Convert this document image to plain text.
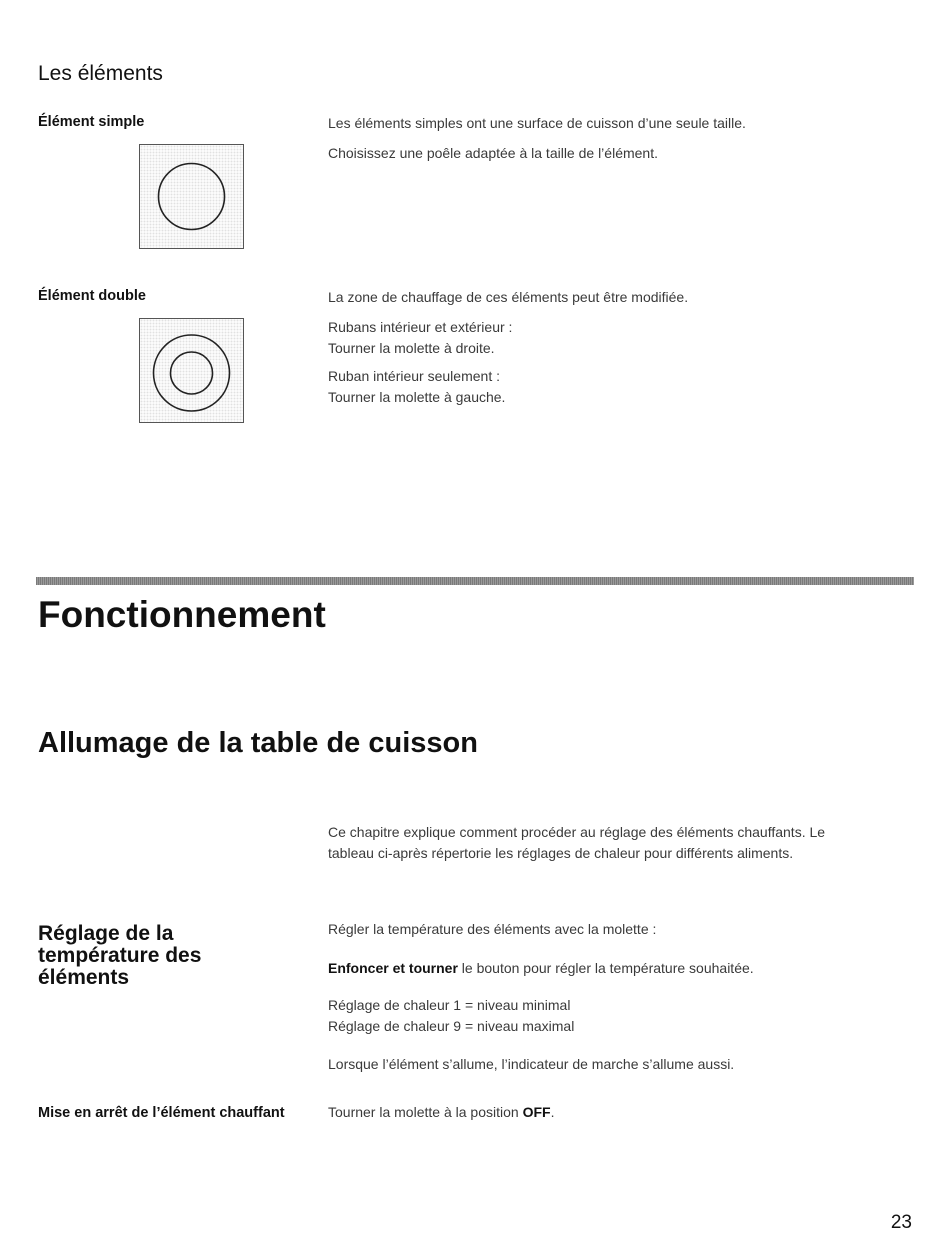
Les éléments
Élément simple	Les éléments simples ont une surface de cuisson d’une seule taille.

Choisissez une poêle adaptée à la taille de l’élément.

Élément double	La zone de chauffage de ces éléments peut être modifiée.

Rubans intérieur et extérieur :

Tourner la molette à droite.

Ruban intérieur seulement :

Tourner la molette à gauche.

Fonctionnement
Allumage de la table de cuisson

Ce chapitre explique comment procéder au réglage des éléments chauffants. Le

tableau ci-après répertorie les réglages de chaleur pour différents aliments.

Réglage de la température des éléments

Régler la température des éléments avec la molette :

Enfoncer et tourner le bouton pour régler la température souhaitée.

Réglage de chaleur 1 = niveau minimal

Réglage de chaleur 9 = niveau maximal

Lorsque l’élément s’allume, l’indicateur de marche s’allume aussi.

Mise en arrêt de l’élément chauffant	Tourner la molette à la position OFF.

23
